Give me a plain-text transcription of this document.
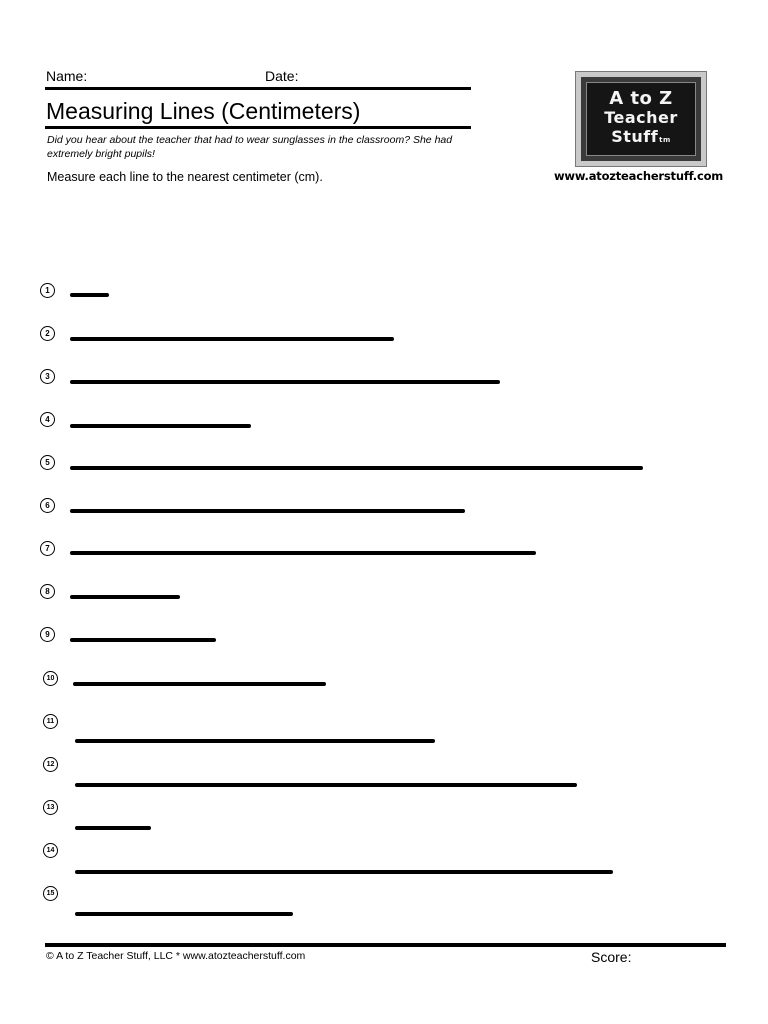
Name:	Date:
Measuring Lines (Centimeters)
Did you hear about the teacher that had to wear sunglasses in the classroom? She had extremely bright pupils!
Measure each line to the nearest centimeter (cm).
A to Z
Teacher
Stufftm
www.atozteacherstuff.com
1
2
3
4
5
6
7
8
9
10
11
12
13
14
15
© A to Z Teacher Stuff, LLC * www.atozteacherstuff.com	Score:
